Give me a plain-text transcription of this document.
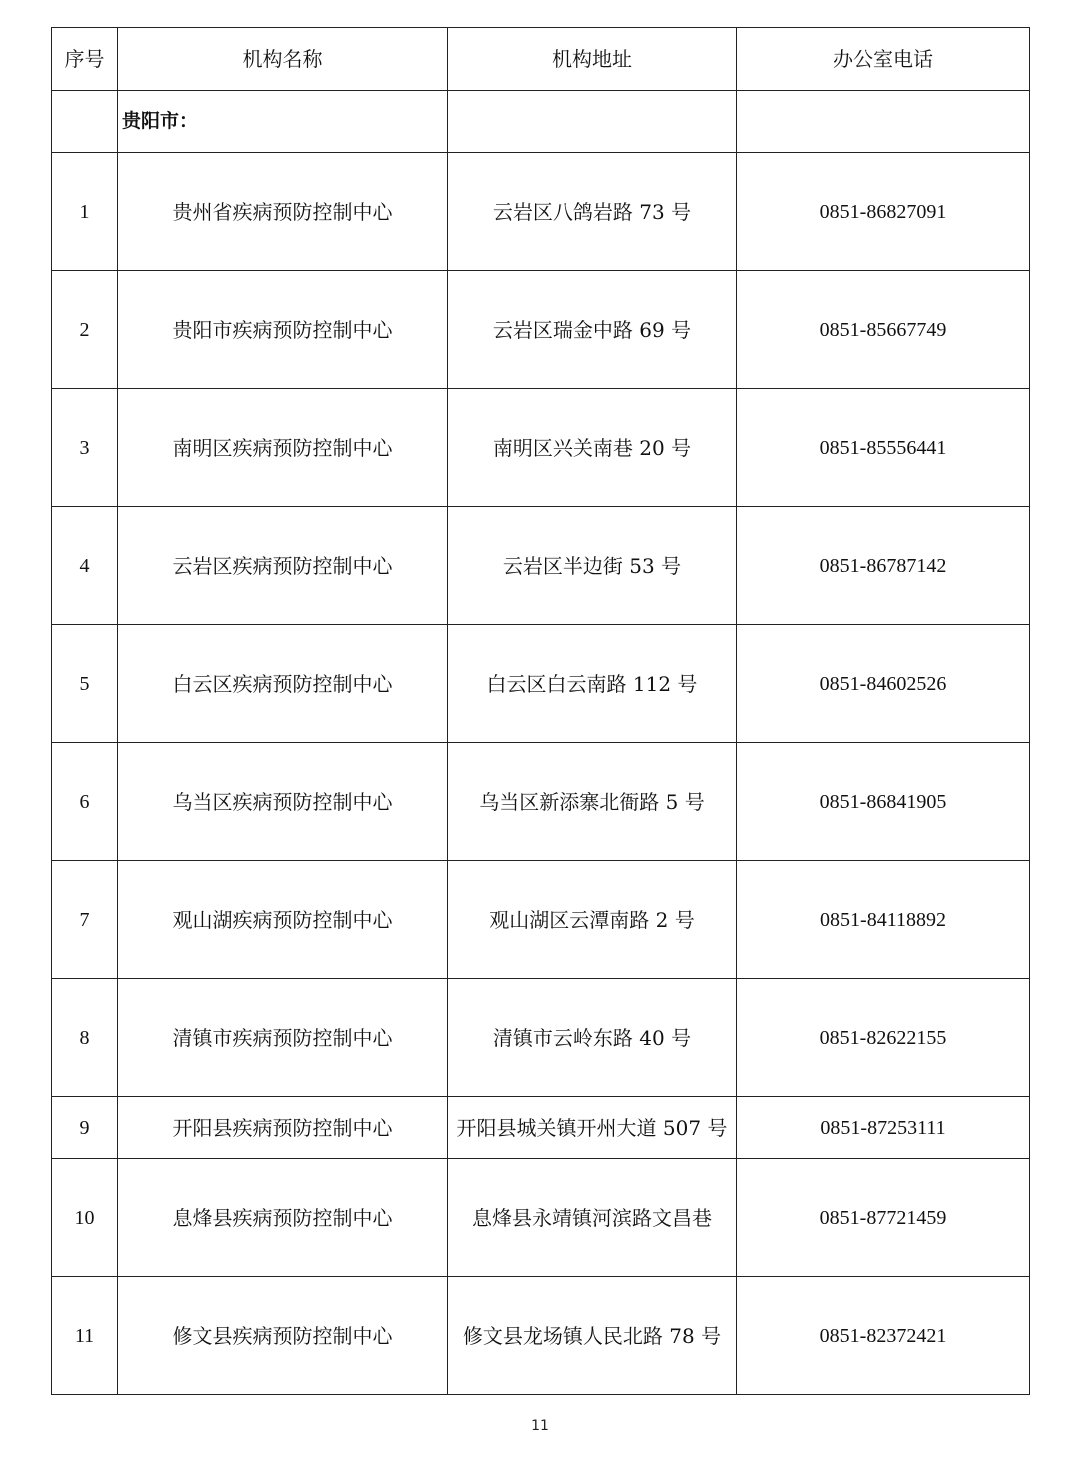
序号	机构名称	机构地址	办公室电话
	贵阳市：		
1	贵州省疾病预防控制中心	云岩区八鸽岩路 73 号	0851-86827091
2	贵阳市疾病预防控制中心	云岩区瑞金中路 69 号	0851-85667749
3	南明区疾病预防控制中心	南明区兴关南巷 20 号	0851-85556441
4	云岩区疾病预防控制中心	云岩区半边街 53 号	0851-86787142
5	白云区疾病预防控制中心	白云区白云南路 112 号	0851-84602526
6	乌当区疾病预防控制中心	乌当区新添寨北衙路 5 号	0851-86841905
7	观山湖疾病预防控制中心	观山湖区云潭南路 2 号	0851-84118892
8	清镇市疾病预防控制中心	清镇市云岭东路 40 号	0851-82622155
9	开阳县疾病预防控制中心	开阳县城关镇开州大道 507 号	0851-87253111
10	息烽县疾病预防控制中心	息烽县永靖镇河滨路文昌巷	0851-87721459
11	修文县疾病预防控制中心	修文县龙场镇人民北路 78 号	0851-82372421
11
